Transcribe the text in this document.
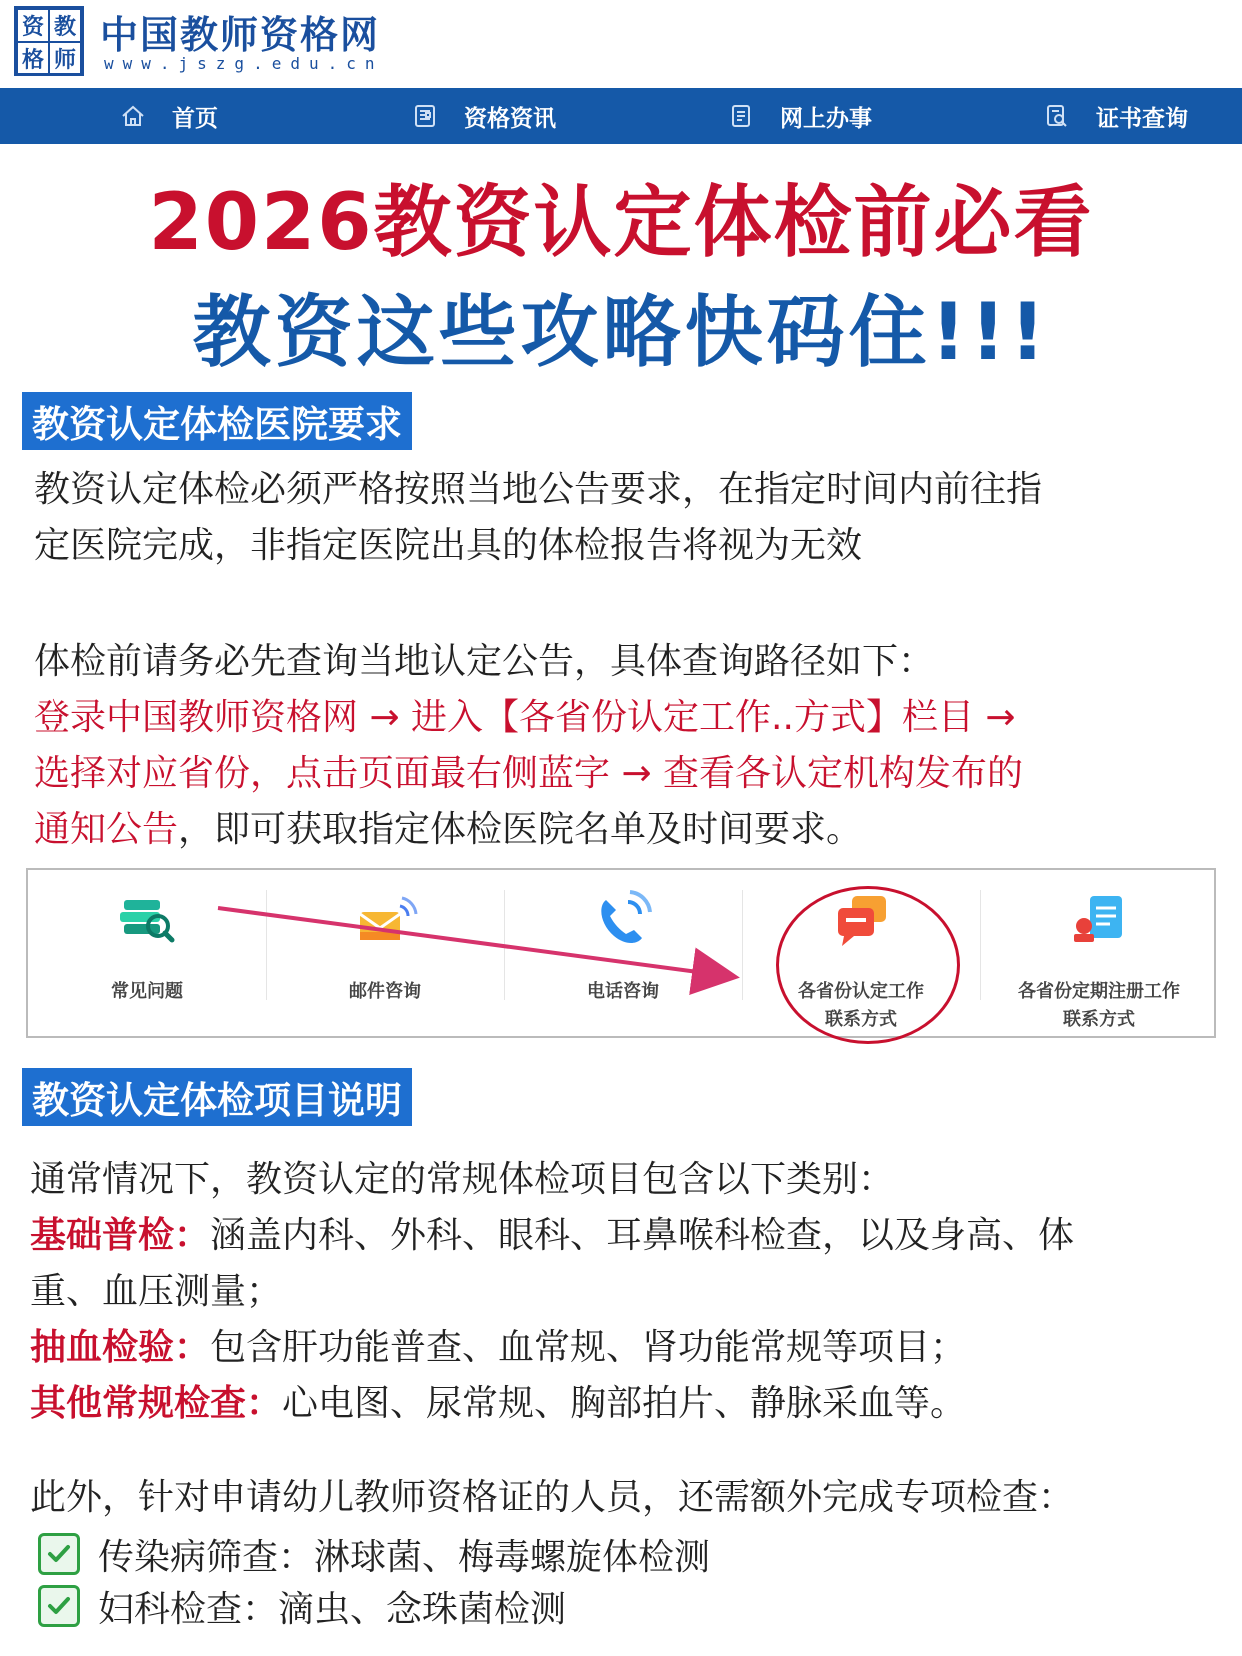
资 教
格 师
中国教师资格网
www.jszg.edu.cn
首页	资格资讯	网上办事	证书查询
2026教资认定体检前必看
教资这些攻略快码住!!!
教资认定体检医院要求
教资认定体检必须严格按照当地公告要求，在指定时间内前往指
定医院完成，非指定医院出具的体检报告将视为无效
体检前请务必先查询当地认定公告，具体查询路径如下：
登录中国教师资格网 → 进入【各省份认定工作..方式】栏目 →
选择对应省份，点击页面最右侧蓝字 → 查看各认定机构发布的
通知公告，即可获取指定体检医院名单及时间要求。
常见问题	邮件咨询	电话咨询	各省份认定工作
联系方式
各省份定期注册工作
联系方式
教资认定体检项目说明
通常情况下，教资认定的常规体检项目包含以下类别：
基础普检：涵盖内科、外科、眼科、耳鼻喉科检查，以及身高、体
重、血压测量；
抽血检验：包含肝功能普查、血常规、肾功能常规等项目；
其他常规检查：心电图、尿常规、胸部拍片、静脉采血等。
此外，针对申请幼儿教师资格证的人员，还需额外完成专项检查：
传染病筛查：淋球菌、梅毒螺旋体检测
妇科检查：滴虫、念珠菌检测
